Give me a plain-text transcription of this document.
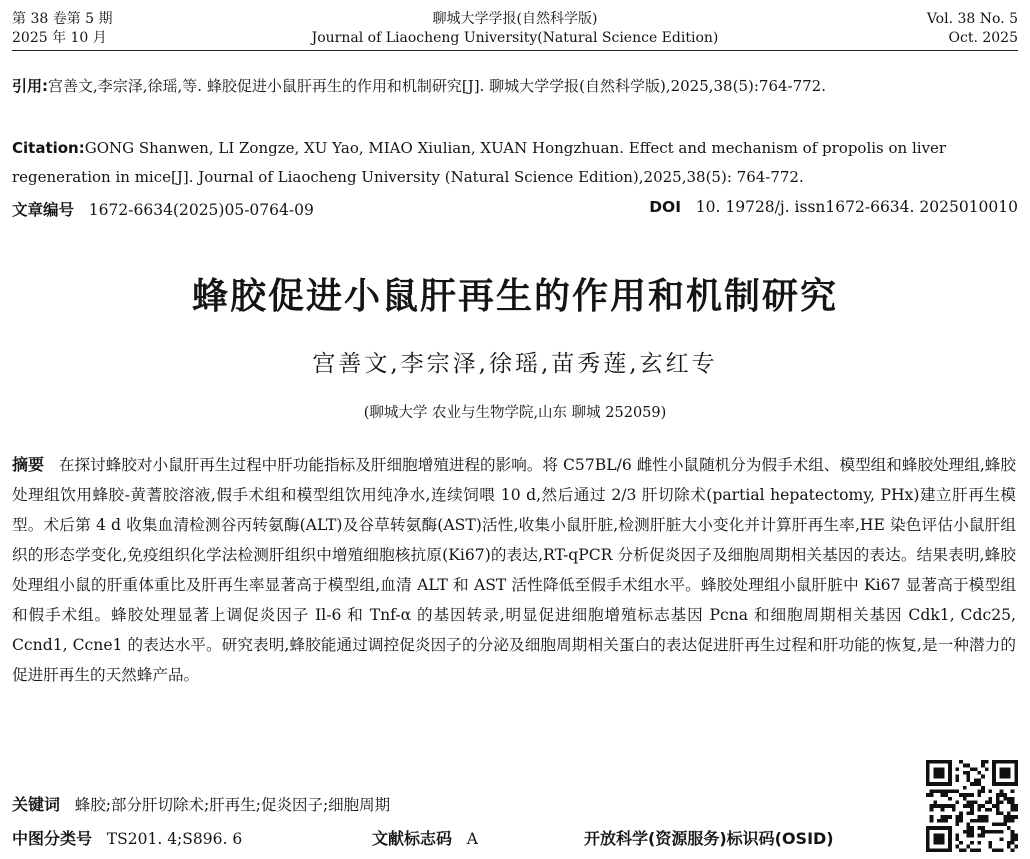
第 38 卷第 5 期
2025 年 10 月
聊城大学学报(自然科学版)
Journal of Liaocheng University(Natural Science Edition)
Vol. 38 No. 5
Oct. 2025
引用:宫善文,李宗泽,徐瑶,等. 蜂胶促进小鼠肝再生的作用和机制研究[J]. 聊城大学学报(自然科学版),2025,38(5):764-772.
Citation:GONG Shanwen, LI Zongze, XU Yao, MIAO Xiulian, XUAN Hongzhuan. Effect and mechanism of propolis on liver regeneration in mice[J]. Journal of Liaocheng University (Natural Science Edition),2025,38(5): 764-772.
文章编号 1672-6634(2025)05-0764-09	DOI 10. 19728/j. issn1672-6634. 2025010010
蜂胶促进小鼠肝再生的作用和机制研究
宫善文,李宗泽,徐瑶,苗秀莲,玄红专
(聊城大学 农业与生物学院,山东 聊城 252059)
摘要 在探讨蜂胶对小鼠肝再生过程中肝功能指标及肝细胞增殖进程的影响。将 C57BL/6 雌性小鼠随机分为假手术组、模型组和蜂胶处理组,蜂胶处理组饮用蜂胶-黄蓍胶溶液,假手术组和模型组饮用纯净水,连续饲喂 10 d,然后通过 2/3 肝切除术(partial hepatectomy, PHx)建立肝再生模型。术后第 4 d 收集血清检测谷丙转氨酶(ALT)及谷草转氨酶(AST)活性,收集小鼠肝脏,检测肝脏大小变化并计算肝再生率,HE 染色评估小鼠肝组织的形态学变化,免疫组织化学法检测肝组织中增殖细胞核抗原(Ki67)的表达,RT-qPCR 分析促炎因子及细胞周期相关基因的表达。结果表明,蜂胶处理组小鼠的肝重体重比及肝再生率显著高于模型组,血清 ALT 和 AST 活性降低至假手术组水平。蜂胶处理组小鼠肝脏中 Ki67 显著高于模型组和假手术组。蜂胶处理显著上调促炎因子 Il-6 和 Tnf-α 的基因转录,明显促进细胞增殖标志基因 Pcna 和细胞周期相关基因 Cdk1, Cdc25, Ccnd1, Ccne1 的表达水平。研究表明,蜂胶能通过调控促炎因子的分泌及细胞周期相关蛋白的表达促进肝再生过程和肝功能的恢复,是一种潜力的促进肝再生的天然蜂产品。
关键词 蜂胶;部分肝切除术;肝再生;促炎因子;细胞周期
中图分类号 TS201. 4;S896. 6	文献标志码 A	开放科学(资源服务)标识码(OSID)
